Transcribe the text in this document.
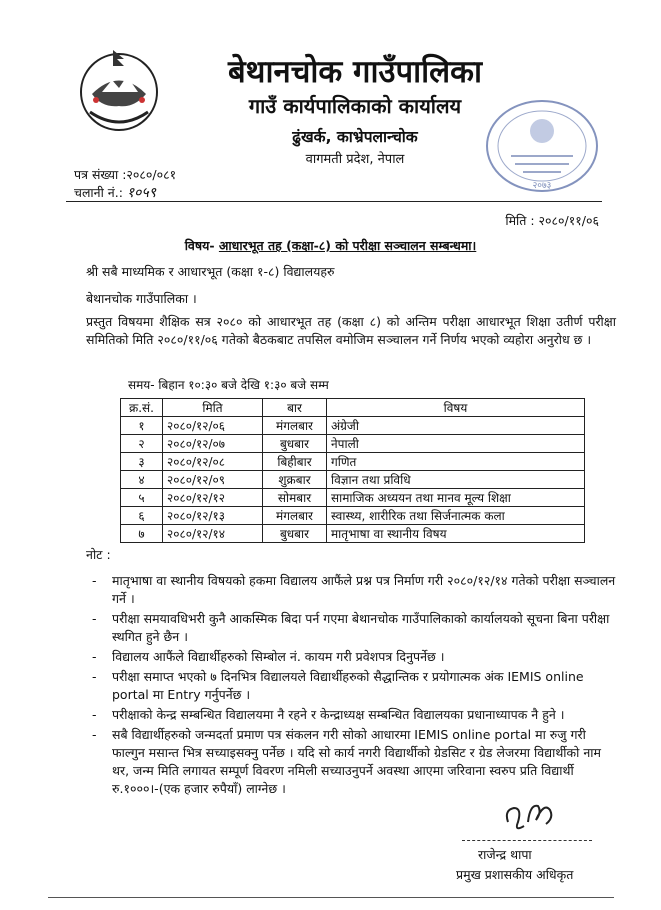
२०७३
बेथानचोक गाउँपालिका
गाउँ कार्यपालिकाको कार्यालय
ढुंखर्क, काभ्रेपलान्चोक
वागमती प्रदेश, नेपाल
पत्र संख्या :२०८०/०८१
चलानी नं.: १०५९
मिति : २०८०/११/०६
विषय- आधारभूत तह (कक्षा-८) को परीक्षा सञ्चालन सम्बन्धमा।
श्री सबै माध्यमिक र आधारभूत (कक्षा १-८) विद्यालयहरु
बेथानचोक गाउँपालिका ।
प्रस्तुत विषयमा शैक्षिक सत्र २०८० को आधारभूत तह (कक्षा ८) को अन्तिम परीक्षा आधारभूत शिक्षा उतीर्ण परीक्षा समितिको मिति २०८०/११/०६ गतेको बैठकबाट तपसिल वमोजिम सञ्चालन गर्ने निर्णय भएको व्यहोरा अनुरोध छ ।
समय- बिहान १०:३० बजे देखि १:३० बजे सम्म
क्र.सं.	मिति	बार	विषय
१	२०८०/१२/०६	मंगलबार	अंग्रेजी
२	२०८०/१२/०७	बुधबार	नेपाली
३	२०८०/१२/०८	बिहीबार	गणित
४	२०८०/१२/०९	शुक्रबार	विज्ञान तथा प्रविधि
५	२०८०/१२/१२	सोमबार	सामाजिक अध्ययन तथा मानव मूल्य शिक्षा
६	२०८०/१२/१३	मंगलबार	स्वास्थ्य, शारीरिक तथा सिर्जनात्मक कला
७	२०८०/१२/१४	बुधबार	मातृभाषा वा स्थानीय विषय
नोट :
- मातृभाषा वा स्थानीय विषयको हकमा विद्यालय आफैंले प्रश्न पत्र निर्माण गरी २०८०/१२/१४ गतेको परीक्षा सञ्चालन गर्ने ।
- परीक्षा समयावधिभरी कुनै आकस्मिक बिदा पर्न गएमा बेथानचोक गाउँपालिकाको कार्यालयको सूचना बिना परीक्षा स्थगित हुने छैन ।
- विद्यालय आफैंले विद्यार्थीहरुको सिम्बोल नं. कायम गरी प्रवेशपत्र दिनुपर्नेछ ।
- परीक्षा समाप्त भएको ७ दिनभित्र विद्यालयले विद्यार्थीहरुको सैद्धान्तिक र प्रयोगात्मक अंक IEMIS online portal मा Entry गर्नुपर्नेछ ।
- परीक्षाको केन्द्र सम्बन्धित विद्यालयमा नै रहने र केन्द्राध्यक्ष सम्बन्धित विद्यालयका प्रधानाध्यापक नै हुने ।
- सबै विद्यार्थीहरुको जन्मदर्ता प्रमाण पत्र संकलन गरी सोको आधारमा IEMIS online portal मा रुजु गरी फाल्गुन मसान्त भित्र सच्याइसक्नु पर्नेछ । यदि सो कार्य नगरी विद्यार्थीको ग्रेडसिट र ग्रेड लेजरमा विद्यार्थीको नाम थर, जन्म मिति लगायत सम्पूर्ण विवरण नमिली सच्याउनुपर्ने अवस्था आएमा जरिवाना स्वरुप प्रति विद्यार्थी रु.१०००।-(एक हजार रुपैयाँ) लाग्नेछ ।
राजेन्द्र थापा
प्रमुख प्रशासकीय अधिकृत
